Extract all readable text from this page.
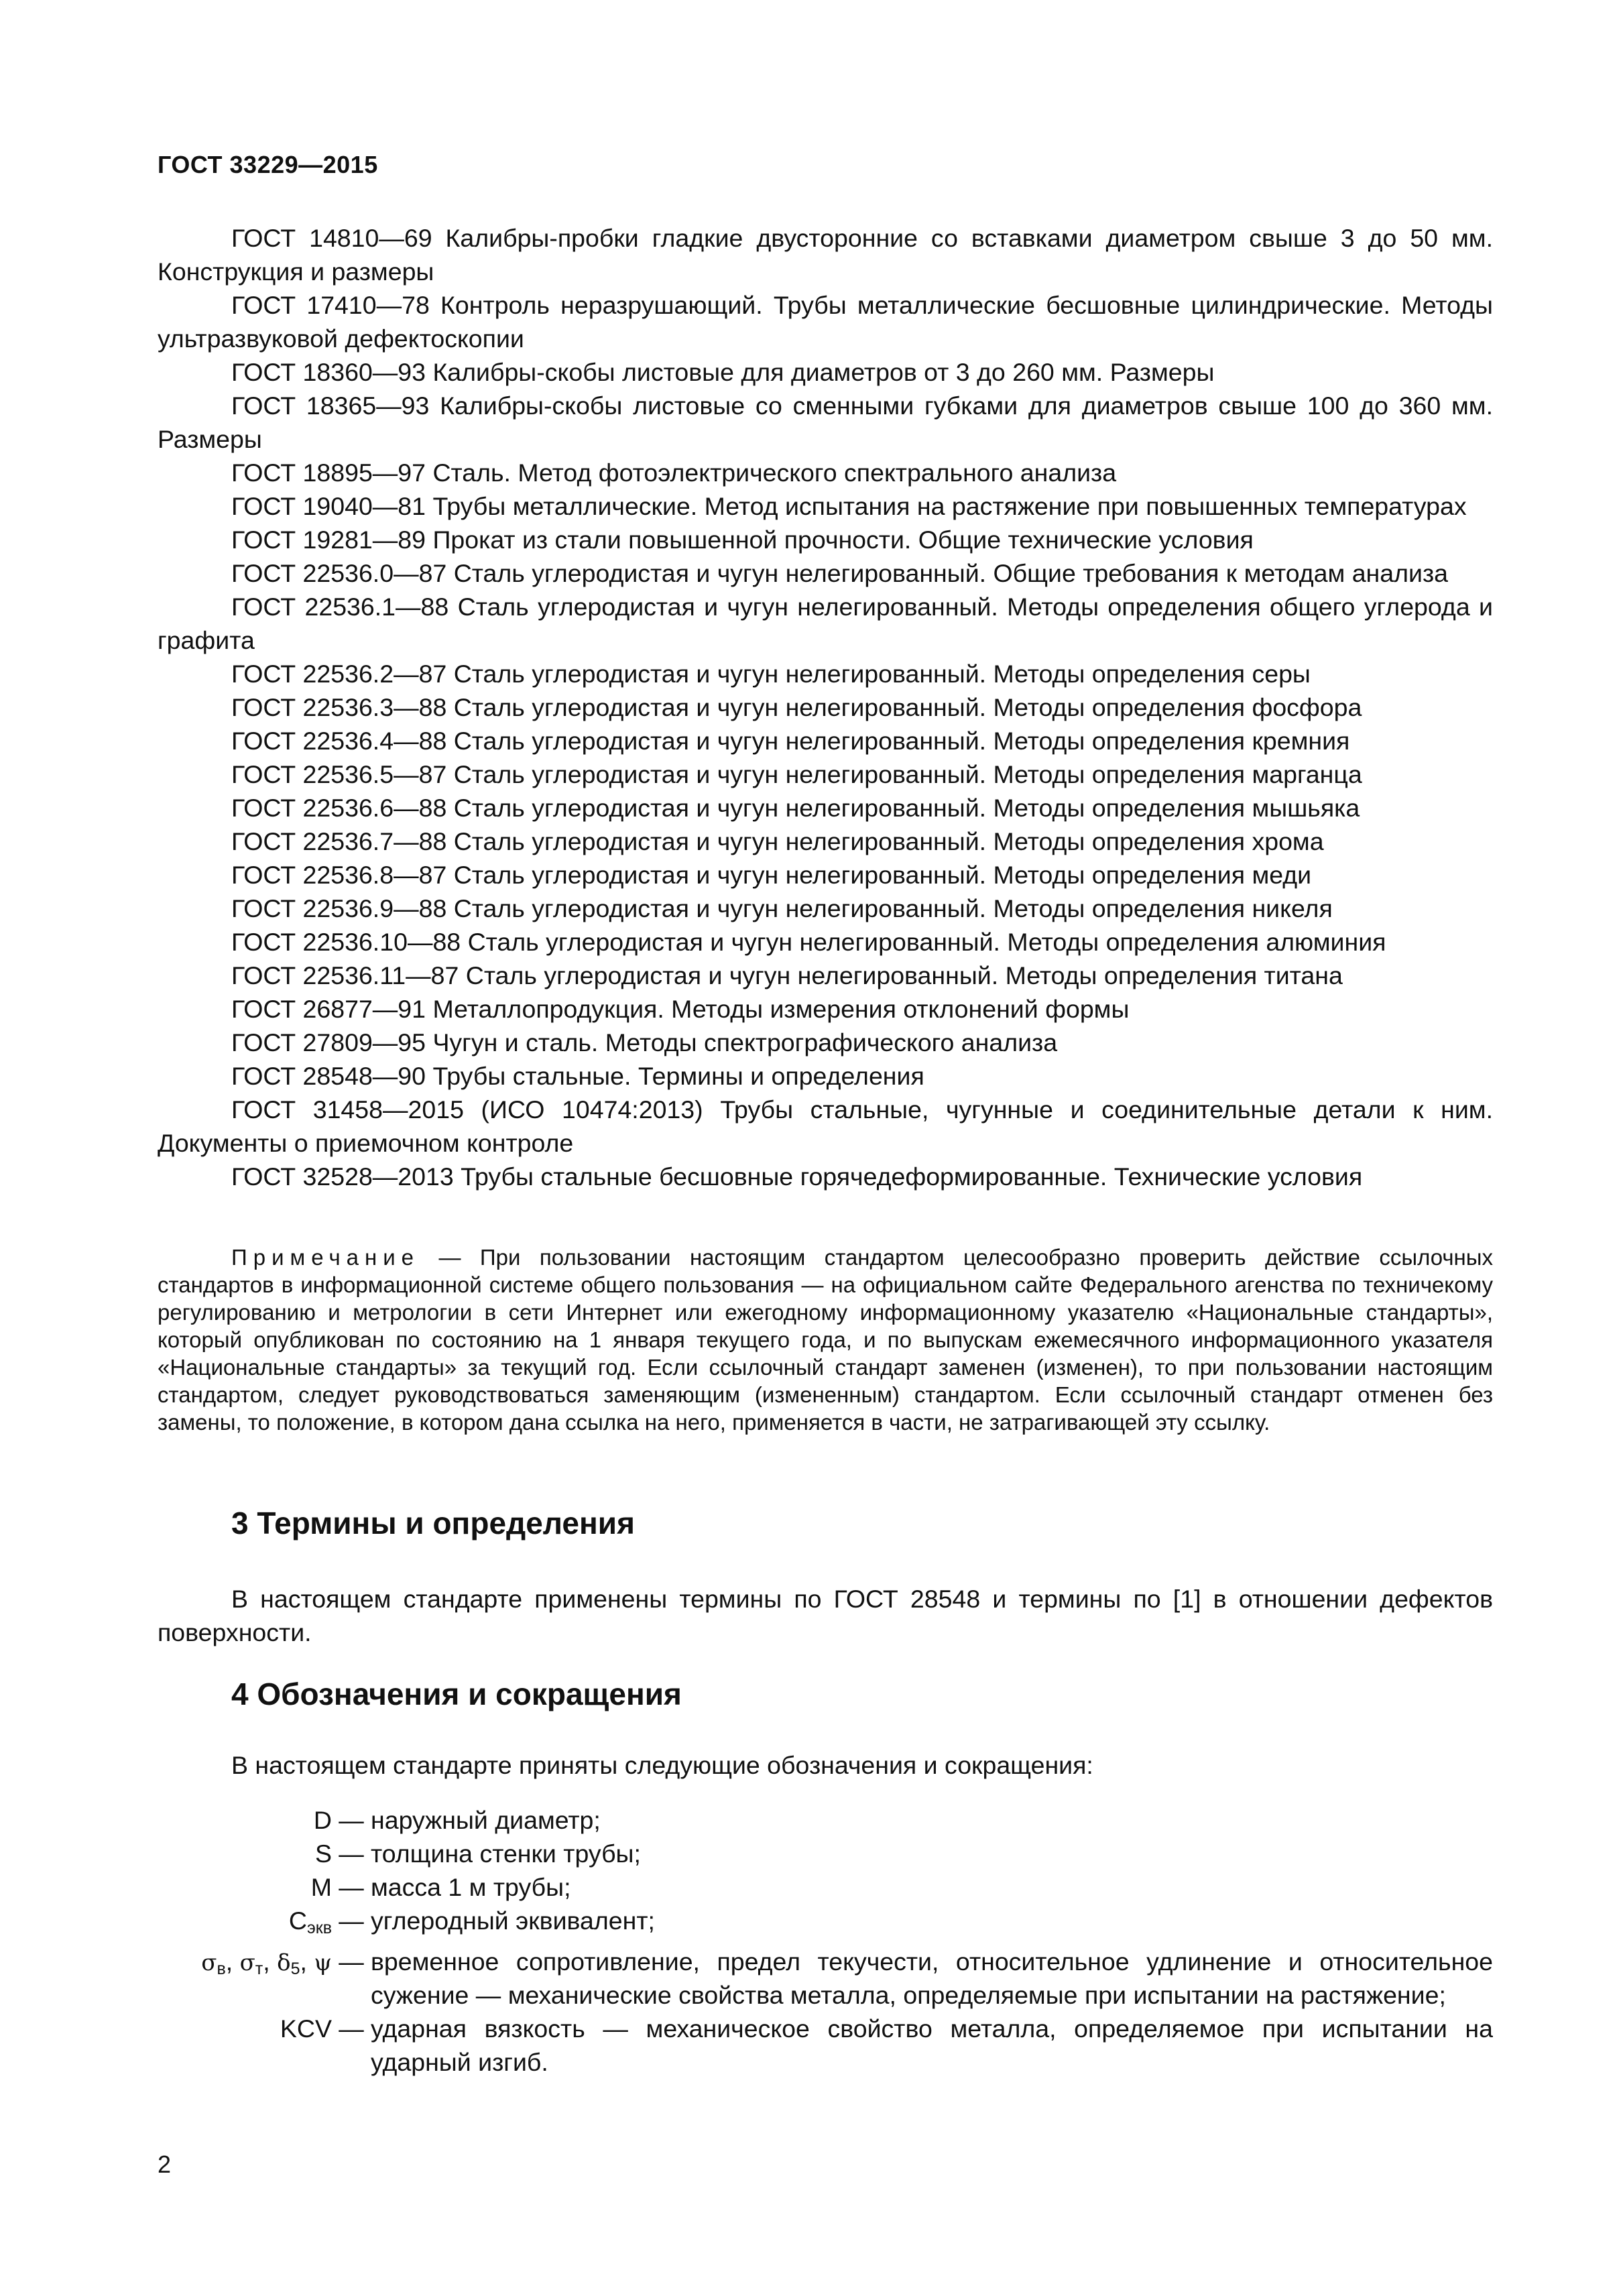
ГОСТ 33229—2015

ГОСТ 14810—69 Калибры-пробки гладкие двусторонние со вставками диаметром свыше 3 до 50 мм. Конструкция и размеры

ГОСТ 17410—78 Контроль неразрушающий. Трубы металлические бесшовные цилиндрические. Методы ультразвуковой дефектоскопии

ГОСТ 18360—93 Калибры-скобы листовые для диаметров от 3 до 260 мм. Размеры

ГОСТ 18365—93 Калибры-скобы листовые со сменными губками для диаметров свыше 100 до 360 мм. Размеры

ГОСТ 18895—97 Сталь. Метод фотоэлектрического спектрального анализа

ГОСТ 19040—81 Трубы металлические. Метод испытания на растяжение при повышенных температурах

ГОСТ 19281—89 Прокат из стали повышенной прочности. Общие технические условия

ГОСТ 22536.0—87 Сталь углеродистая и чугун нелегированный. Общие требования к методам анализа

ГОСТ 22536.1—88 Сталь углеродистая и чугун нелегированный. Методы определения общего углерода и графита

ГОСТ 22536.2—87 Сталь углеродистая и чугун нелегированный. Методы определения серы

ГОСТ 22536.3—88 Сталь углеродистая и чугун нелегированный. Методы определения фосфора

ГОСТ 22536.4—88 Сталь углеродистая и чугун нелегированный. Методы определения кремния

ГОСТ 22536.5—87 Сталь углеродистая и чугун нелегированный. Методы определения марганца

ГОСТ 22536.6—88 Сталь углеродистая и чугун нелегированный. Методы определения мышьяка

ГОСТ 22536.7—88 Сталь углеродистая и чугун нелегированный. Методы определения хрома

ГОСТ 22536.8—87 Сталь углеродистая и чугун нелегированный. Методы определения меди

ГОСТ 22536.9—88 Сталь углеродистая и чугун нелегированный. Методы определения никеля

ГОСТ 22536.10—88 Сталь углеродистая и чугун нелегированный. Методы определения алюминия

ГОСТ 22536.11—87 Сталь углеродистая и чугун нелегированный. Методы определения титана

ГОСТ 26877—91 Металлопродукция. Методы измерения отклонений формы

ГОСТ 27809—95 Чугун и сталь. Методы спектрографического анализа

ГОСТ 28548—90 Трубы стальные. Термины и определения

ГОСТ 31458—2015 (ИСО 10474:2013) Трубы стальные, чугунные и соединительные детали к ним. Документы о приемочном контроле

ГОСТ 32528—2013 Трубы стальные бесшовные горячедеформированные. Технические условия

Примечание — При пользовании настоящим стандартом целесообразно проверить действие ссылочных стандартов в информационной системе общего пользования — на официальном сайте Федерального агенства по техничекому регулированию и метрологии в сети Интернет или ежегодному информационному указателю «Национальные стандарты», который опубликован по состоянию на 1 января текущего года, и по выпускам ежемесячного информационного указателя «Национальные стандарты» за текущий год. Если ссылочный стандарт заменен (изменен), то при пользовании настоящим стандартом, следует руководствоваться заменяющим (измененным) стандартом. Если ссылочный стандарт отменен без замены, то положение, в котором дана ссылка на него, применяется в части, не затрагивающей эту ссылку.

3 Термины и определения

В настоящем стандарте применены термины по ГОСТ 28548 и термины по [1] в отношении дефектов поверхности.

4 Обозначения и сокращения

В настоящем стандарте приняты следующие обозначения и сокращения:

D — наружный диаметр;
S — толщина стенки трубы;
M — масса 1 м трубы;
$C_{экв}$ — углеродный эквивалент;
$\sigma_в$, $\sigma_т$, $\delta_5$, ψ — временное сопротивление, предел текучести, относительное удлинение и относительное сужение — механические свойства металла, определяемые при испытании на растяжение;
KCV — ударная вязкость — механическое свойство металла, определяемое при испытании на ударный изгиб.
2
